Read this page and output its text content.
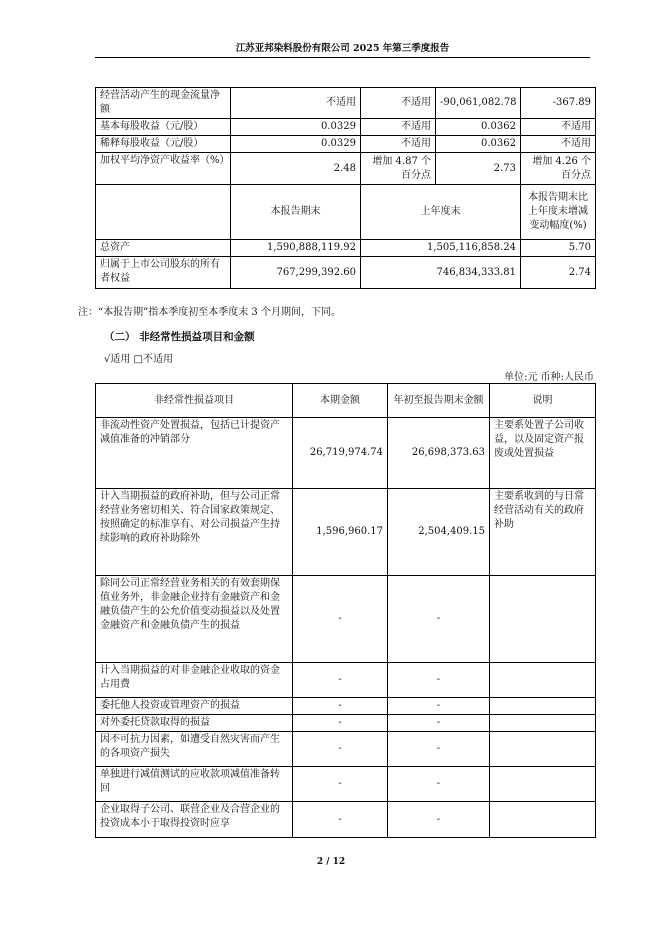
江苏亚邦染料股份有限公司 2025 年第三季度报告
经营活动产生的现金流量净额	不适用	不适用	-90,061,082.78	-367.89
基本每股收益（元/股）	0.0329	不适用	0.0362	不适用
稀释每股收益（元/股）	0.0329	不适用	0.0362	不适用
加权平均净资产收益率（%）	2.48	增加 4.87 个百分点	2.73	增加 4.26 个百分点
	本报告期末	上年度末		本报告期末比上年度末增减变动幅度(%)
总资产	1,590,888,119.92	1,505,116,858.24		5.70
归属于上市公司股东的所有者权益	767,299,392.60	746,834,333.81		2.74
注：“本报告期”指本季度初至本季度末 3 个月期间，下同。
（二） 非经常性损益项目和金额
√适用 □不适用
单位:元 币种:人民币
非经常性损益项目	本期金额	年初至报告期末金额	说明
非流动性资产处置损益，包括已计提资产减值准备的冲销部分	26,719,974.74	26,698,373.63	主要系处置子公司收益，以及固定资产报废或处置损益
计入当期损益的政府补助，但与公司正常经营业务密切相关、符合国家政策规定、按照确定的标准享有、对公司损益产生持续影响的政府补助除外	1,596,960.17	2,504,409.15	主要系收到的与日常经营活动有关的政府补助
除同公司正常经营业务相关的有效套期保值业务外，非金融企业持有金融资产和金融负债产生的公允价值变动损益以及处置金融资产和金融负债产生的损益	-	-	
计入当期损益的对非金融企业收取的资金占用费	-	-	
委托他人投资或管理资产的损益	-	-	
对外委托贷款取得的损益	-	-	
因不可抗力因素，如遭受自然灾害而产生的各项资产损失	-	-	
单独进行减值测试的应收款项减值准备转回	-	-	
企业取得子公司、联营企业及合营企业的投资成本小于取得投资时应享	-	-	
2 / 12
